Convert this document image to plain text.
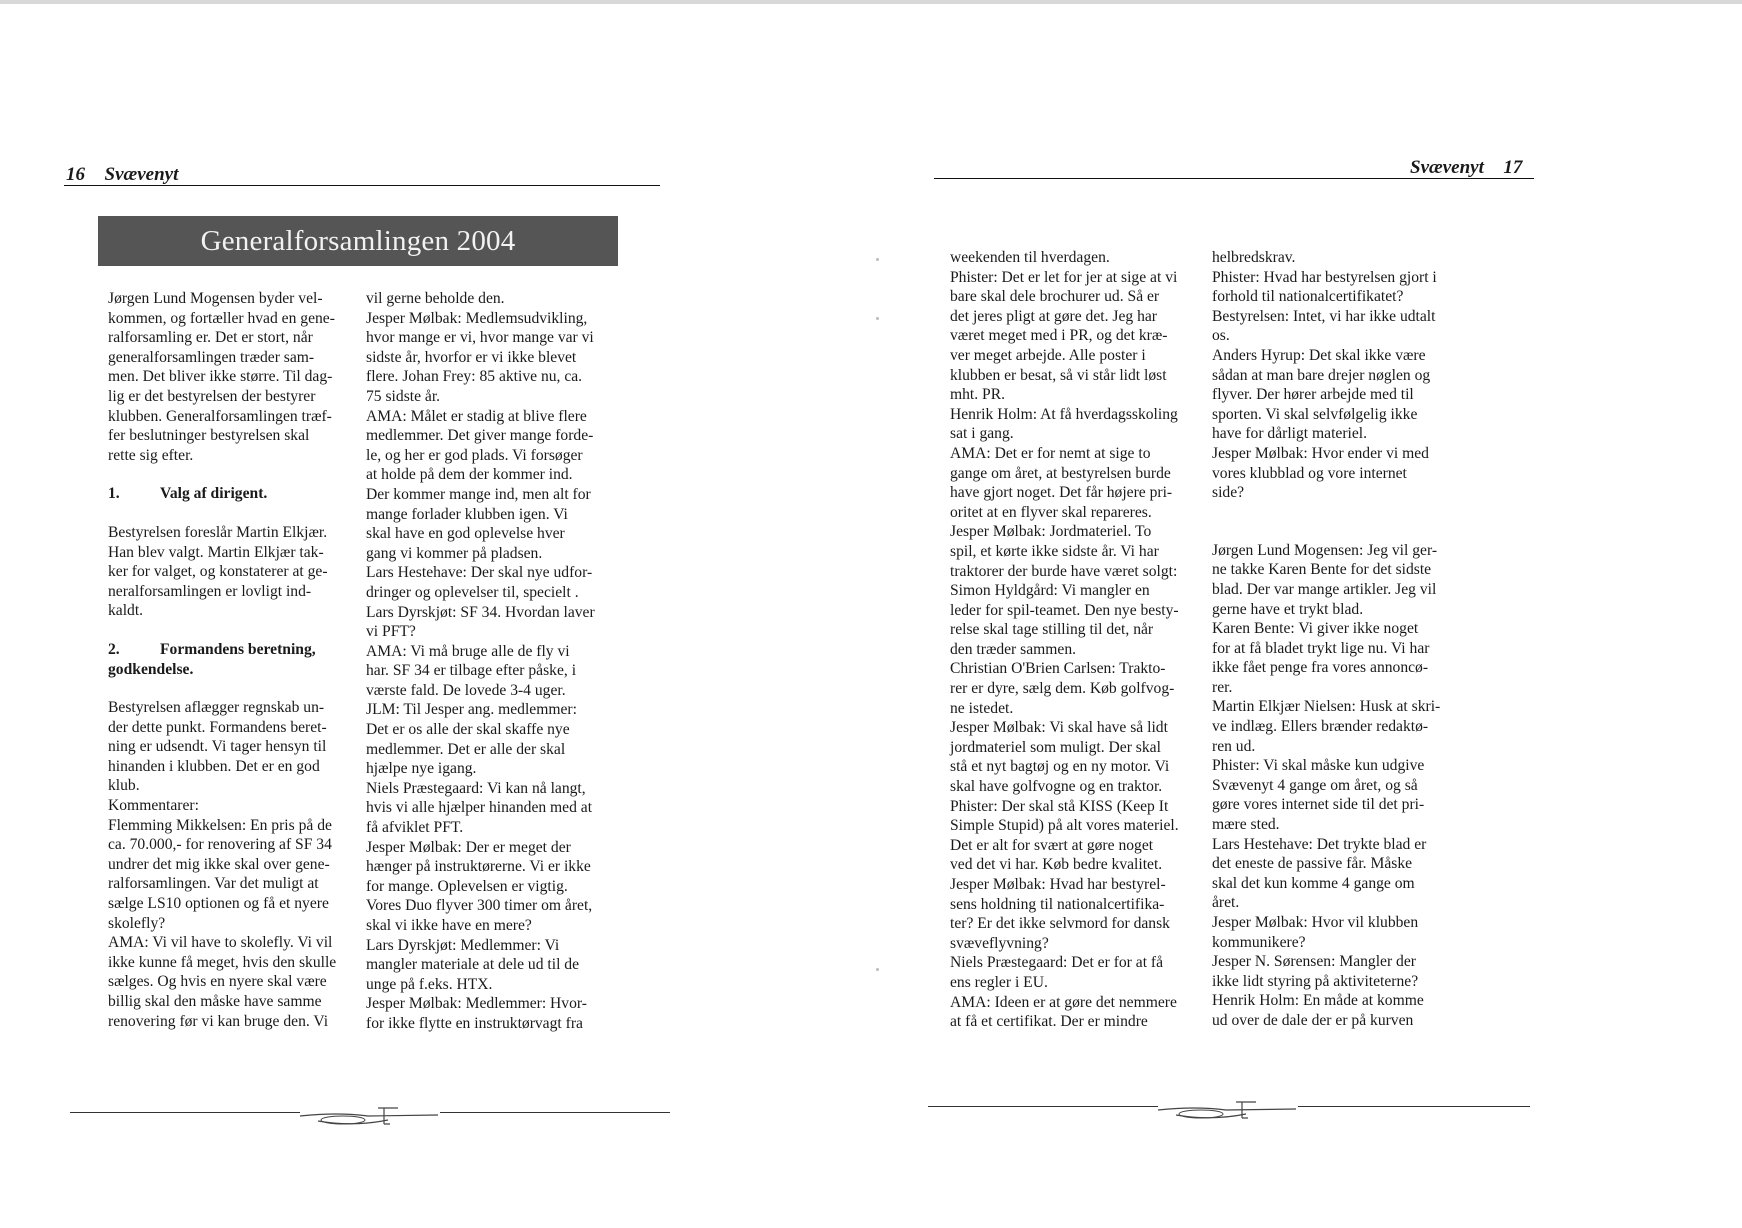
16 Svævenyt
Generalforsamlingen 2004

Jørgen Lund Mogensen byder vel-

kommen, og fortæller hvad en gene-

ralforsamling er. Det er stort, når

generalforsamlingen træder sam-

men. Det bliver ikke større. Til dag-

lig er det bestyrelsen der bestyrer

klubben. Generalforsamlingen træf-

fer beslutninger bestyrelsen skal

rette sig efter.

1.	Valg af dirigent.

Bestyrelsen foreslår Martin Elkjær.

Han blev valgt. Martin Elkjær tak-

ker for valget, og konstaterer at ge-

neralforsamlingen er lovligt ind-

kaldt.

2.	Formandens beretning,

godkendelse.

Bestyrelsen aflægger regnskab un-

der dette punkt. Formandens beret-

ning er udsendt. Vi tager hensyn til

hinanden i klubben. Det er en god

klub.

Kommentarer:

Flemming Mikkelsen: En pris på de

ca. 70.000,- for renovering af SF 34

undrer det mig ikke skal over gene-

ralforsamlingen. Var det muligt at

sælge LS10 optionen og få et nyere

skolefly?

AMA: Vi vil have to skolefly. Vi vil

ikke kunne få meget, hvis den skulle

sælges. Og hvis en nyere skal være

billig skal den måske have samme

renovering før vi kan bruge den. Vi

vil gerne beholde den.

Jesper Mølbak: Medlemsudvikling,

hvor mange er vi, hvor mange var vi

sidste år, hvorfor er vi ikke blevet

flere. Johan Frey: 85 aktive nu, ca.

75 sidste år.

AMA: Målet er stadig at blive flere

medlemmer. Det giver mange forde-

le, og her er god plads. Vi forsøger

at holde på dem der kommer ind.

Der kommer mange ind, men alt for

mange forlader klubben igen. Vi

skal have en god oplevelse hver

gang vi kommer på pladsen.

Lars Hestehave: Der skal nye udfor-

dringer og oplevelser til, specielt .

Lars Dyrskjøt: SF 34. Hvordan laver

vi PFT?

AMA: Vi må bruge alle de fly vi

har. SF 34 er tilbage efter påske, i

værste fald. De lovede 3-4 uger.

JLM: Til Jesper ang. medlemmer:

Det er os alle der skal skaffe nye

medlemmer. Det er alle der skal

hjælpe nye igang.

Niels Præstegaard: Vi kan nå langt,

hvis vi alle hjælper hinanden med at

få afviklet PFT.

Jesper Mølbak: Der er meget der

hænger på instruktørerne. Vi er ikke

for mange. Oplevelsen er vigtig.

Vores Duo flyver 300 timer om året,

skal vi ikke have en mere?

Lars Dyrskjøt: Medlemmer: Vi

mangler materiale at dele ud til de

unge på f.eks. HTX.

Jesper Mølbak: Medlemmer: Hvor-

for ikke flytte en instruktørvagt fra

Svævenyt 17

weekenden til hverdagen.

Phister: Det er let for jer at sige at vi

bare skal dele brochurer ud. Så er

det jeres pligt at gøre det. Jeg har

været meget med i PR, og det kræ-

ver meget arbejde. Alle poster i

klubben er besat, så vi står lidt løst

mht. PR.

Henrik Holm: At få hverdagsskoling

sat i gang.

AMA: Det er for nemt at sige to

gange om året, at bestyrelsen burde

have gjort noget. Det får højere pri-

oritet at en flyver skal repareres.

Jesper Mølbak: Jordmateriel. To

spil, et kørte ikke sidste år. Vi har

traktorer der burde have været solgt:

Simon Hyldgård: Vi mangler en

leder for spil-teamet. Den nye besty-

relse skal tage stilling til det, når

den træder sammen.

Christian O'Brien Carlsen: Trakto-

rer er dyre, sælg dem. Køb golfvog-

ne istedet.

Jesper Mølbak: Vi skal have så lidt

jordmateriel som muligt. Der skal

stå et nyt bagtøj og en ny motor. Vi

skal have golfvogne og en traktor.

Phister: Der skal stå KISS (Keep It

Simple Stupid) på alt vores materiel.

Det er alt for svært at gøre noget

ved det vi har. Køb bedre kvalitet.

Jesper Mølbak: Hvad har bestyrel-

sens holdning til nationalcertifika-

ter? Er det ikke selvmord for dansk

svæveflyvning?

Niels Præstegaard: Det er for at få

ens regler i EU.

AMA: Ideen er at gøre det nemmere

at få et certifikat. Der er mindre

helbredskrav.

Phister: Hvad har bestyrelsen gjort i

forhold til nationalcertifikatet?

Bestyrelsen: Intet, vi har ikke udtalt

os.

Anders Hyrup: Det skal ikke være

sådan at man bare drejer nøglen og

flyver. Der hører arbejde med til

sporten. Vi skal selvfølgelig ikke

have for dårligt materiel.

Jesper Mølbak: Hvor ender vi med

vores klubblad og vore internet

side?

Jørgen Lund Mogensen: Jeg vil ger-

ne takke Karen Bente for det sidste

blad. Der var mange artikler. Jeg vil

gerne have et trykt blad.

Karen Bente: Vi giver ikke noget

for at få bladet trykt lige nu. Vi har

ikke fået penge fra vores annoncø-

rer.

Martin Elkjær Nielsen: Husk at skri-

ve indlæg. Ellers brænder redaktø-

ren ud.

Phister: Vi skal måske kun udgive

Svævenyt 4 gange om året, og så

gøre vores internet side til det pri-

mære sted.

Lars Hestehave: Det trykte blad er

det eneste de passive får. Måske

skal det kun komme 4 gange om

året.

Jesper Mølbak: Hvor vil klubben

kommunikere?

Jesper N. Sørensen: Mangler der

ikke lidt styring på aktiviteterne?

Henrik Holm: En måde at komme

ud over de dale der er på kurven
